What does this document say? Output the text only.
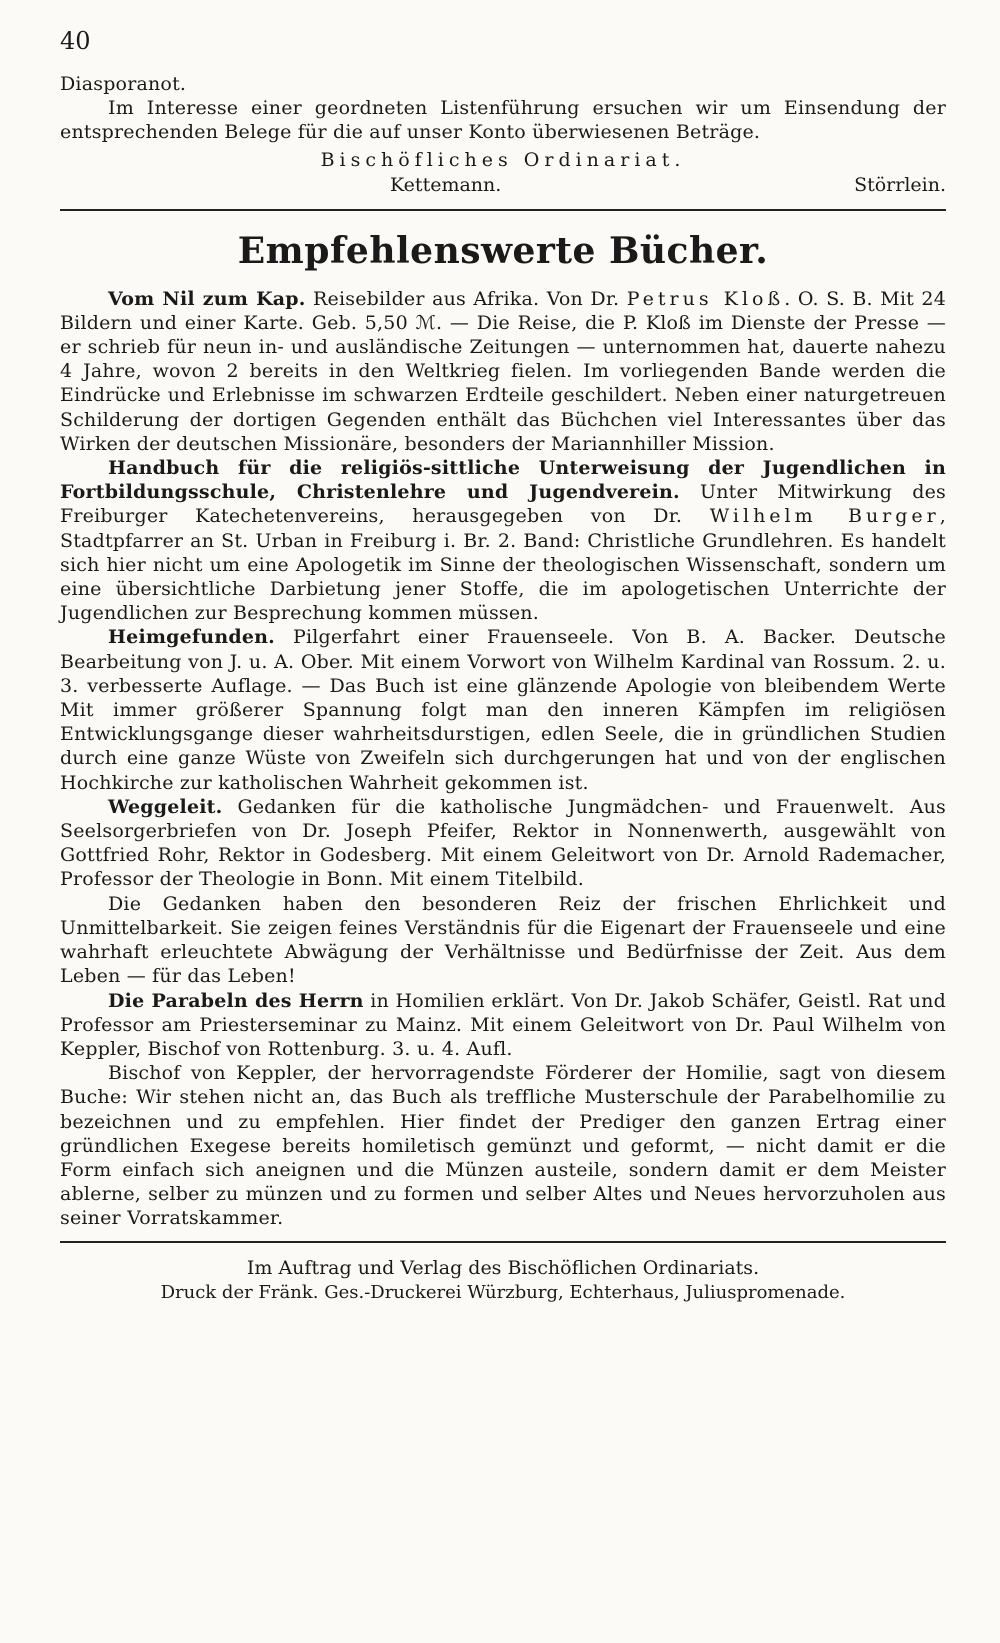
40

Diasporanot.

Im Interesse einer geordneten Listenführung ersuchen wir um Einsendung der entsprechenden Belege für die auf unser Konto überwiesenen Beträge.

Bischöfliches Ordinariat.
Kettemann.	Störrlein.
Empfehlenswerte Bücher.

Vom Nil zum Kap. Reisebilder aus Afrika. Von Dr. Petrus Kloß. O. S. B. Mit 24 Bildern und einer Karte. Geb. 5,50 ℳ. — Die Reise, die P. Kloß im Dienste der Presse — er schrieb für neun in- und ausländische Zeitungen — unternommen hat, dauerte nahezu 4 Jahre, wovon 2 bereits in den Weltkrieg fielen. Im vorliegenden Bande werden die Eindrücke und Erlebnisse im schwarzen Erdteile geschildert. Neben einer naturgetreuen Schilderung der dortigen Gegenden enthält das Büchchen viel Interessantes über das Wirken der deutschen Missionäre, besonders der Mariannhiller Mission.

Handbuch für die religiös-sittliche Unterweisung der Jugendlichen in Fortbildungsschule, Christenlehre und Jugendverein. Unter Mitwirkung des Freiburger Katechetenvereins, herausgegeben von Dr. Wilhelm Burger, Stadtpfarrer an St. Urban in Freiburg i. Br. 2. Band: Christliche Grundlehren. Es handelt sich hier nicht um eine Apologetik im Sinne der theologischen Wissenschaft, sondern um eine übersichtliche Darbietung jener Stoffe, die im apologetischen Unterrichte der Jugendlichen zur Besprechung kommen müssen.

Heimgefunden. Pilgerfahrt einer Frauenseele. Von B. A. Backer. Deutsche Bearbeitung von J. u. A. Ober. Mit einem Vorwort von Wilhelm Kardinal van Rossum. 2. u. 3. verbesserte Auflage. — Das Buch ist eine glänzende Apologie von bleibendem Werte Mit immer größerer Spannung folgt man den inneren Kämpfen im religiösen Entwicklungsgange dieser wahrheitsdurstigen, edlen Seele, die in gründlichen Studien durch eine ganze Wüste von Zweifeln sich durchgerungen hat und von der englischen Hochkirche zur katholischen Wahrheit gekommen ist.

Weggeleit. Gedanken für die katholische Jungmädchen- und Frauenwelt. Aus Seelsorgerbriefen von Dr. Joseph Pfeifer, Rektor in Nonnenwerth, ausgewählt von Gottfried Rohr, Rektor in Godesberg. Mit einem Geleitwort von Dr. Arnold Rademacher, Professor der Theologie in Bonn. Mit einem Titelbild.

Die Gedanken haben den besonderen Reiz der frischen Ehrlichkeit und Unmittelbarkeit. Sie zeigen feines Verständnis für die Eigenart der Frauenseele und eine wahrhaft erleuchtete Abwägung der Verhältnisse und Bedürfnisse der Zeit. Aus dem Leben — für das Leben!

Die Parabeln des Herrn in Homilien erklärt. Von Dr. Jakob Schäfer, Geistl. Rat und Professor am Priesterseminar zu Mainz. Mit einem Geleitwort von Dr. Paul Wilhelm von Keppler, Bischof von Rottenburg. 3. u. 4. Aufl.

Bischof von Keppler, der hervorragendste Förderer der Homilie, sagt von diesem Buche: Wir stehen nicht an, das Buch als treffliche Musterschule der Parabelhomilie zu bezeichnen und zu empfehlen. Hier findet der Prediger den ganzen Ertrag einer gründlichen Exegese bereits homiletisch gemünzt und geformt, — nicht damit er die Form einfach sich aneignen und die Münzen austeile, sondern damit er dem Meister ablerne, selber zu münzen und zu formen und selber Altes und Neues hervorzuholen aus seiner Vorratskammer.

Im Auftrag und Verlag des Bischöflichen Ordinariats.
Druck der Fränk. Ges.-Druckerei Würzburg, Echterhaus, Juliuspromenade.
